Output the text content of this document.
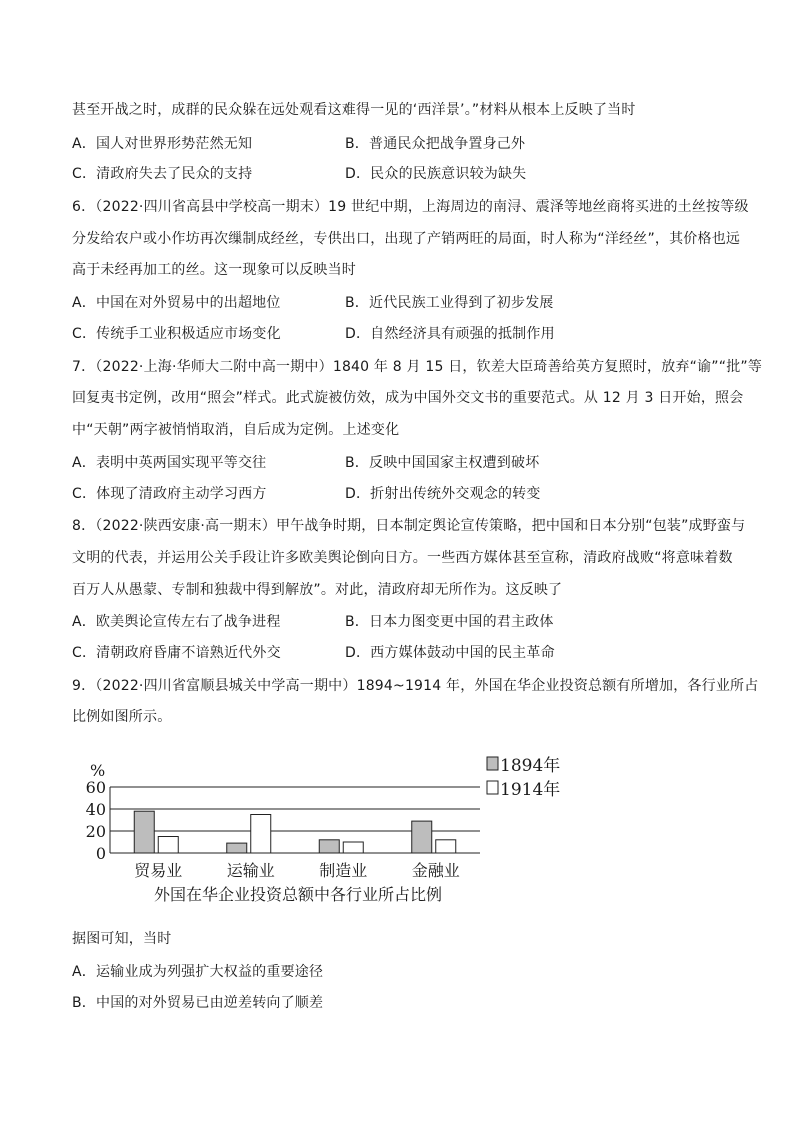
甚至开战之时，成群的民众躲在远处观看这难得一见的‘西洋景’。”材料从根本上反映了当时
A．国人对世界形势茫然无知	B．普通民众把战争置身己外
C．清政府失去了民众的支持	D．民众的民族意识较为缺失
6．（2022·四川省高县中学校高一期末）19 世纪中期，上海周边的南浔、震泽等地丝商将买进的土丝按等级
分发给农户或小作坊再次缫制成经丝，专供出口，出现了产销两旺的局面，时人称为“洋经丝”，其价格也远
高于未经再加工的丝。这一现象可以反映当时
A．中国在对外贸易中的出超地位	B．近代民族工业得到了初步发展
C．传统手工业积极适应市场变化	D．自然经济具有顽强的抵制作用
7．（2022·上海·华师大二附中高一期中）1840 年 8 月 15 日，钦差大臣琦善给英方复照时，放弃“谕”“批”等
回复夷书定例，改用“照会”样式。此式旋被仿效，成为中国外交文书的重要范式。从 12 月 3 日开始，照会
中“天朝”两字被悄悄取消，自后成为定例。上述变化
A．表明中英两国实现平等交往	B．反映中国国家主权遭到破坏
C．体现了清政府主动学习西方	D．折射出传统外交观念的转变
8．（2022·陕西安康·高一期末）甲午战争时期，日本制定舆论宣传策略，把中国和日本分别“包装”成野蛮与
文明的代表，并运用公关手段让许多欧美舆论倒向日方。一些西方媒体甚至宣称，清政府战败“将意味着数
百万人从愚蒙、专制和独裁中得到解放”。对此，清政府却无所作为。这反映了
A．欧美舆论宣传左右了战争进程	B．日本力图变更中国的君主政体
C．清朝政府昏庸不谙熟近代外交	D．西方媒体鼓动中国的民主革命
9．（2022·四川省富顺县城关中学高一期中）1894~1914 年，外国在华企业投资总额有所增加，各行业所占
比例如图所示。
%
0
20
40
60
贸易业	运输业	制造业	金融业
1894年
1914年
外国在华企业投资总额中各行业所占比例
据图可知，当时
A．运输业成为列强扩大权益的重要途径
B．中国的对外贸易已由逆差转向了顺差
